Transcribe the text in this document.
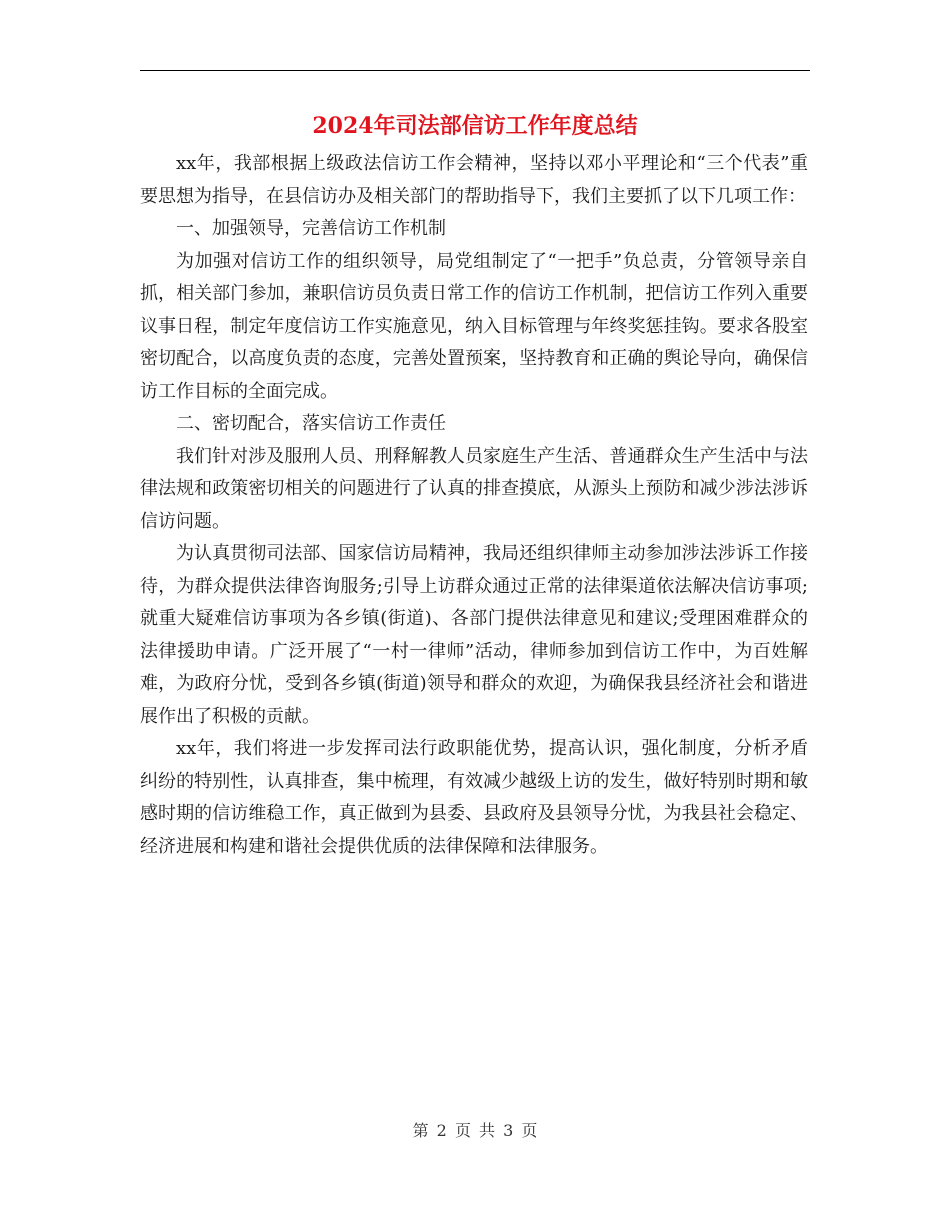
2024年司法部信访工作年度总结

xx年，我部根据上级政法信访工作会精神，坚持以邓小平理论和“三个代表”重要思想为指导，在县信访办及相关部门的帮助指导下，我们主要抓了以下几项工作：

一、加强领导，完善信访工作机制

为加强对信访工作的组织领导，局党组制定了“一把手”负总责，分管领导亲自抓，相关部门参加，兼职信访员负责日常工作的信访工作机制，把信访工作列入重要议事日程，制定年度信访工作实施意见，纳入目标管理与年终奖惩挂钩。要求各股室密切配合，以高度负责的态度，完善处置预案，坚持教育和正确的舆论导向，确保信访工作目标的全面完成。

二、密切配合，落实信访工作责任

我们针对涉及服刑人员、刑释解教人员家庭生产生活、普通群众生产生活中与法律法规和政策密切相关的问题进行了认真的排查摸底，从源头上预防和减少涉法涉诉信访问题。

为认真贯彻司法部、国家信访局精神，我局还组织律师主动参加涉法涉诉工作接待，为群众提供法律咨询服务;引导上访群众通过正常的法律渠道依法解决信访事项;就重大疑难信访事项为各乡镇(街道)、各部门提供法律意见和建议;受理困难群众的法律援助申请。广泛开展了“一村一律师”活动，律师参加到信访工作中，为百姓解难，为政府分忧，受到各乡镇(街道)领导和群众的欢迎，为确保我县经济社会和谐进展作出了积极的贡献。

xx年，我们将进一步发挥司法行政职能优势，提高认识，强化制度，分析矛盾纠纷的特别性，认真排查，集中梳理，有效减少越级上访的发生，做好特别时期和敏感时期的信访维稳工作，真正做到为县委、县政府及县领导分忧，为我县社会稳定、经济进展和构建和谐社会提供优质的法律保障和法律服务。

第 2 页 共 3 页
